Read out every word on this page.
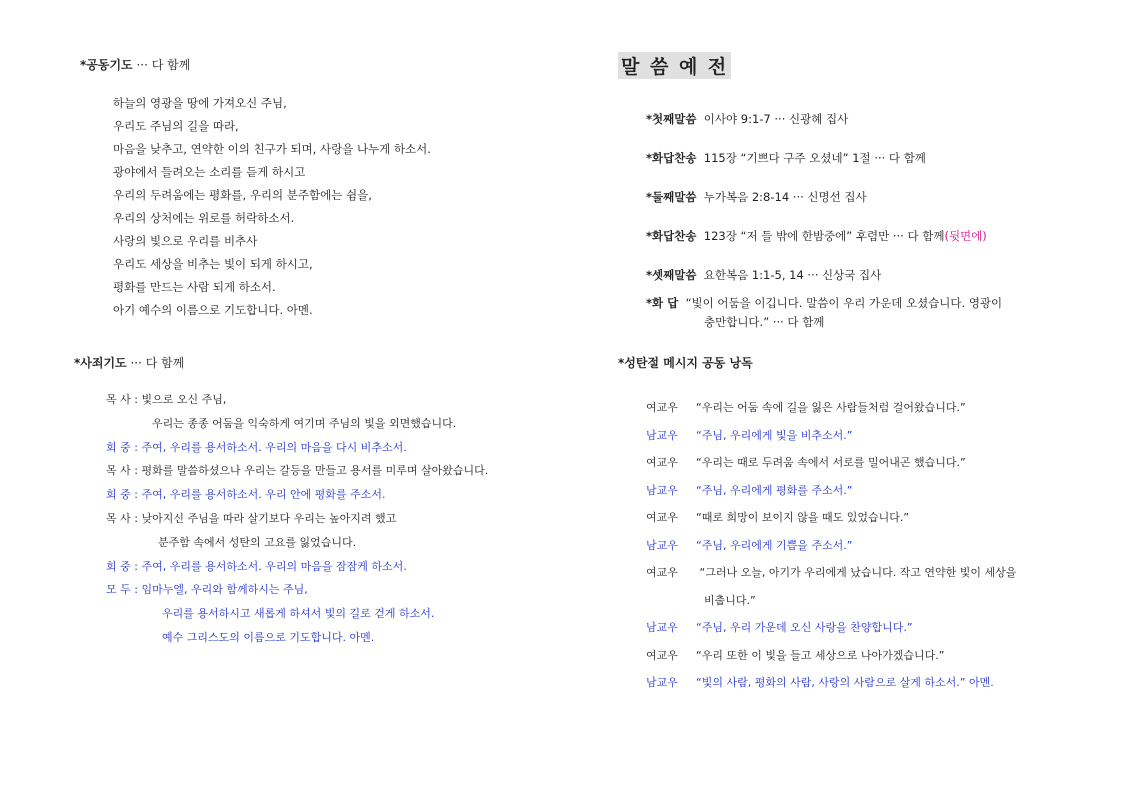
*공동기도 ··· 다 함께
하늘의 영광을 땅에 가져오신 주님,
우리도 주님의 길을 따라,
마음을 낮추고, 연약한 이의 친구가 되며, 사랑을 나누게 하소서.
광야에서 들려오는 소리를 듣게 하시고
우리의 두려움에는 평화를, 우리의 분주함에는 쉼을,
우리의 상처에는 위로를 허락하소서.
사랑의 빛으로 우리를 비추사
우리도 세상을 비추는 빛이 되게 하시고,
평화를 만드는 사람 되게 하소서.
아기 예수의 이름으로 기도합니다. 아멘.
*사죄기도 ··· 다 함께
목 사 : 빛으로 오신 주님,
우리는 종종 어둠을 익숙하게 여기며 주님의 빛을 외면했습니다.
회 중 : 주여, 우리를 용서하소서. 우리의 마음을 다시 비추소서.
목 사 : 평화를 말씀하셨으나 우리는 갈등을 만들고 용서를 미루며 살아왔습니다.
회 중 : 주여, 우리를 용서하소서. 우리 안에 평화를 주소서.
목 사 : 낮아지신 주님을 따라 살기보다 우리는 높아지려 했고
분주함 속에서 성탄의 고요를 잃었습니다.
회 중 : 주여, 우리를 용서하소서. 우리의 마음을 잠잠케 하소서.
모 두 : 임마누엘, 우리와 함께하시는 주님,
우리를 용서하시고 새롭게 하셔서 빛의 길로 걷게 하소서.
예수 그리스도의 이름으로 기도합니다. 아멘.
말 씀 예 전
*첫째말씀 이사야 9:1-7 ··· 신광혜 집사
*화답찬송 115장 “기쁘다 구주 오셨네” 1절 ··· 다 함께
*둘째말씀 누가복음 2:8-14 ··· 신명선 집사
*화답찬송 123장 “저 들 밖에 한밤중에” 후렴만 ··· 다 함께(뒷면에)
*셋째말씀 요한복음 1:1-5, 14 ··· 신상국 집사
*화 답 “빛이 어둠을 이깁니다. 말씀이 우리 가운데 오셨습니다. 영광이
충만합니다.” ··· 다 함께
*성탄절 메시지 공동 낭독
여교우 “우리는 어둠 속에 길을 잃은 사람들처럼 걸어왔습니다.”
남교우 “주님, 우리에게 빛을 비추소서.”
여교우 “우리는 때로 두려움 속에서 서로를 밀어내곤 했습니다.”
남교우 “주님, 우리에게 평화를 주소서.”
여교우 “때로 희망이 보이지 않을 때도 있었습니다.”
남교우 “주님, 우리에게 기쁨을 주소서.”
여교우 “그러나 오늘, 아기가 우리에게 났습니다. 작고 연약한 빛이 세상을
비춥니다.”
남교우 “주님, 우리 가운데 오신 사랑을 찬양합니다.”
여교우 “우리 또한 이 빛을 들고 세상으로 나아가겠습니다.”
남교우 “빛의 사람, 평화의 사람, 사랑의 사람으로 살게 하소서.” 아멘.
